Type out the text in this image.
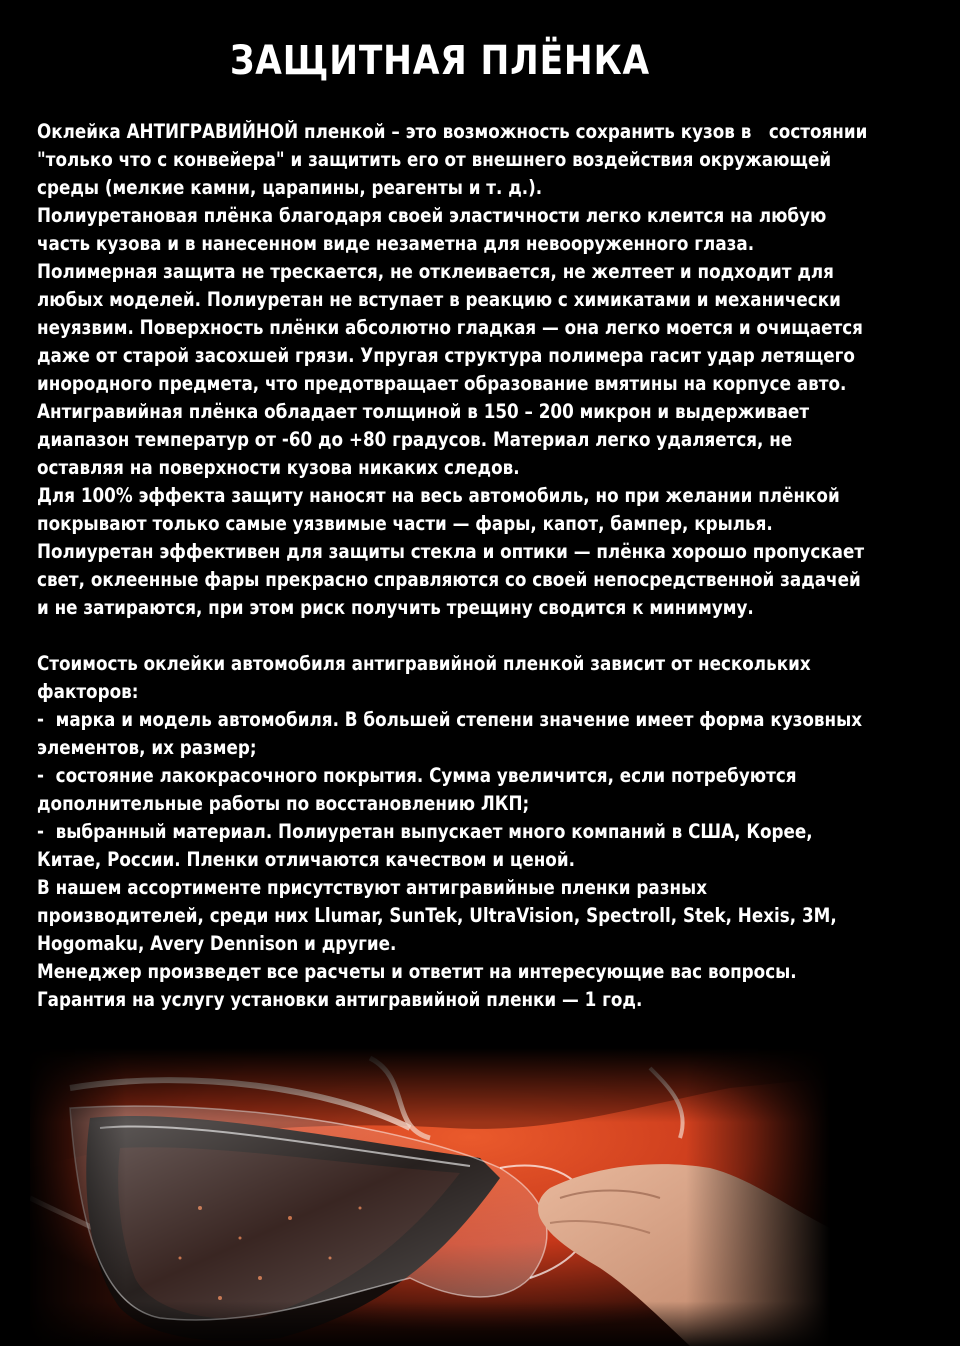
ЗАЩИТНАЯ ПЛЁНКА
Оклейка АНТИГРАВИЙНОЙ пленкой – это возможность сохранить кузов в   состоянии
"только что с конвейера" и защитить его от внешнего воздействия окружающей
среды (мелкие камни, царапины, реагенты и т. д.).
Полиуретановая плёнка благодаря своей эластичности легко клеится на любую
часть кузова и в нанесенном виде незаметна для невооруженного глаза.
Полимерная защита не трескается, не отклеивается, не желтеет и подходит для
любых моделей. Полиуретан не вступает в реакцию с химикатами и механически
неуязвим. Поверхность плёнки абсолютно гладкая — она легко моется и очищается
даже от старой засохшей грязи. Упругая структура полимера гасит удар летящего
инородного предмета, что предотвращает образование вмятины на корпусе авто.
Антигравийная плёнка обладает толщиной в 150 – 200 микрон и выдерживает
диапазон температур от -60 до +80 градусов. Материал легко удаляется, не
оставляя на поверхности кузова никаких следов.
Для 100% эффекта защиту наносят на весь автомобиль, но при желании плёнкой
покрывают только самые уязвимые части — фары, капот, бампер, крылья.
Полиуретан эффективен для защиты стекла и оптики — плёнка хорошо пропускает
свет, оклеенные фары прекрасно справляются со своей непосредственной задачей
и не затираются, при этом риск получить трещину сводится к минимуму.
Стоимость оклейки автомобиля антигравийной пленкой зависит от нескольких
факторов:
-  марка и модель автомобиля. В большей степени значение имеет форма кузовных
элементов, их размер;
-  состояние лакокрасочного покрытия. Сумма увеличится, если потребуются
дополнительные работы по восстановлению ЛКП;
-  выбранный материал. Полиуретан выпускает много компаний в США, Корее,
Китае, России. Пленки отличаются качеством и ценой.
В нашем ассортименте присутствуют антигравийные пленки разных
производителей, среди них Llumar, SunTek, UltraVision, Spectroll, Stek, Hexis, 3M,
Hogomaku, Avery Dennison и другие.
Менеджер произведет все расчеты и ответит на интересующие вас вопросы.
Гарантия на услугу установки антигравийной пленки — 1 год.
